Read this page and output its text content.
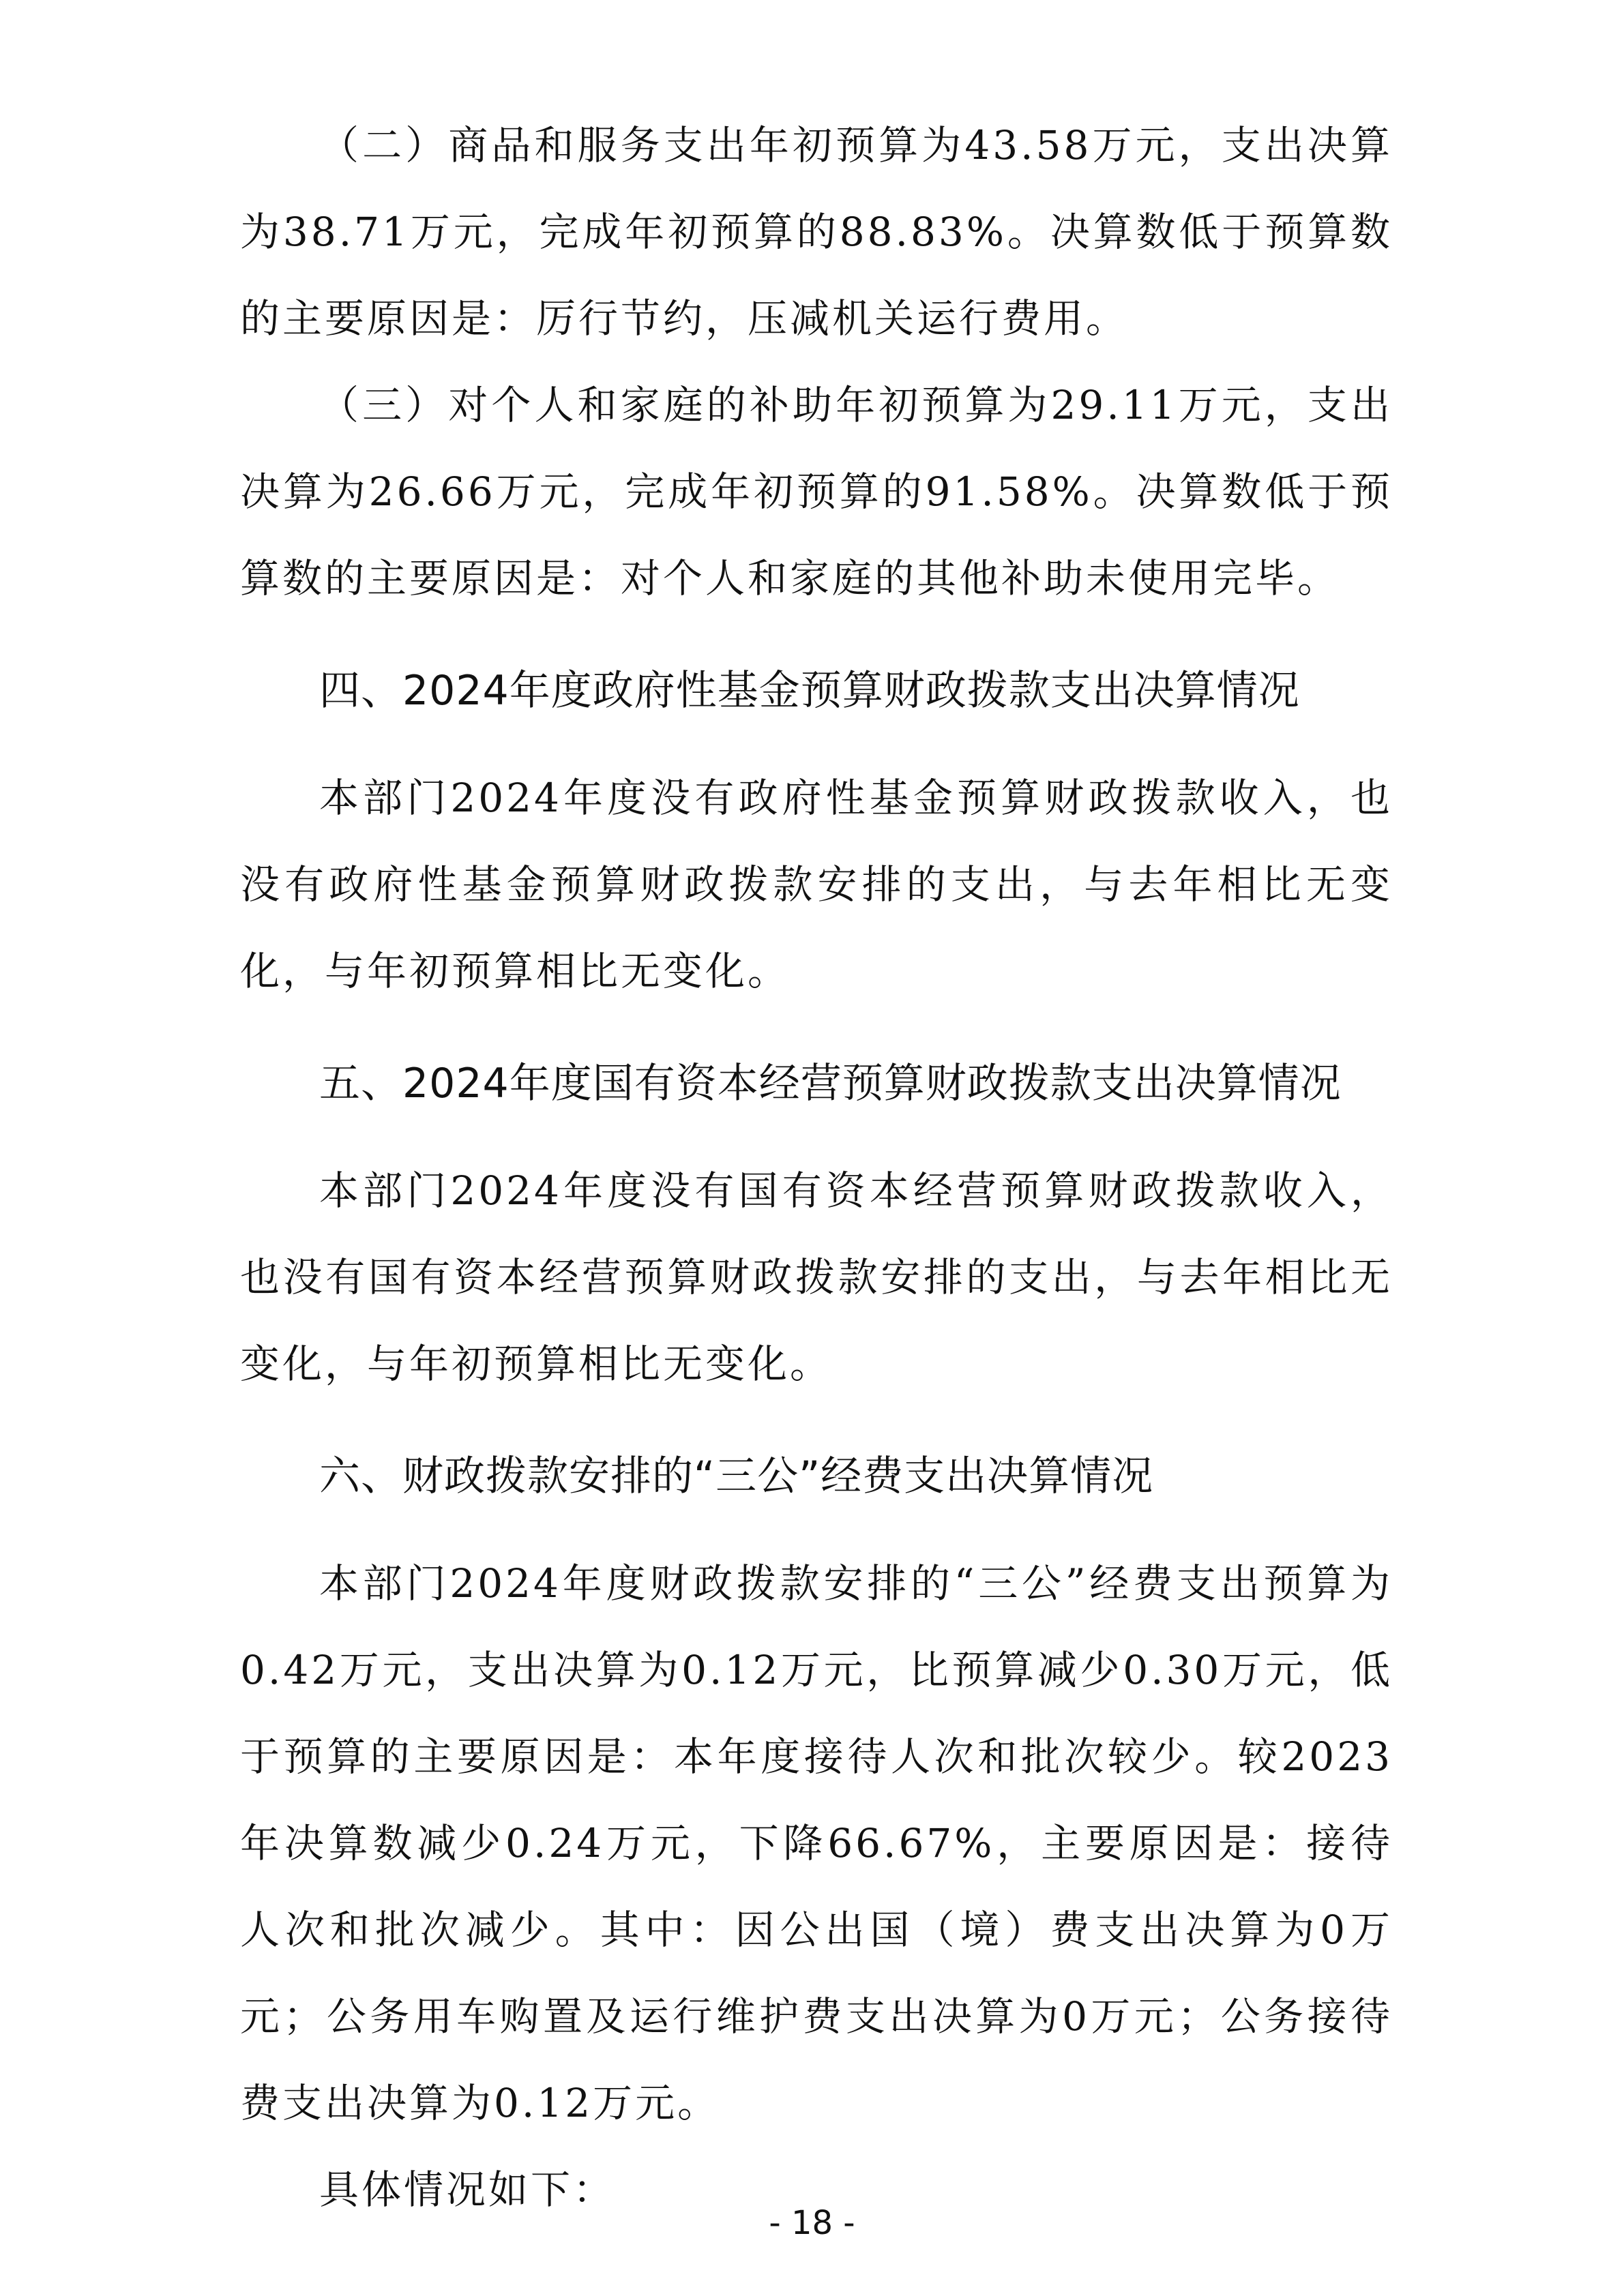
（二）商品和服务支出年初预算为43.58万元，支出决算为38.71万元，完成年初预算的88.83%。决算数低于预算数的主要原因是：厉行节约，压减机关运行费用。

（三）对个人和家庭的补助年初预算为29.11万元，支出决算为26.66万元，完成年初预算的91.58%。决算数低于预算数的主要原因是：对个人和家庭的其他补助未使用完毕。

四、2024年度政府性基金预算财政拨款支出决算情况

本部门2024年度没有政府性基金预算财政拨款收入，也没有政府性基金预算财政拨款安排的支出，与去年相比无变化，与年初预算相比无变化。

五、2024年度国有资本经营预算财政拨款支出决算情况

本部门2024年度没有国有资本经营预算财政拨款收入，也没有国有资本经营预算财政拨款安排的支出，与去年相比无变化，与年初预算相比无变化。

六、财政拨款安排的“三公”经费支出决算情况

本部门2024年度财政拨款安排的“三公”经费支出预算为0.42万元，支出决算为0.12万元，比预算减少0.30万元，低于预算的主要原因是：本年度接待人次和批次较少。较2023年决算数减少0.24万元，下降66.67%，主要原因是：接待人次和批次减少。其中：因公出国（境）费支出决算为0万元；公务用车购置及运行维护费支出决算为0万元；公务接待费支出决算为0.12万元。

具体情况如下：

- 18 -
